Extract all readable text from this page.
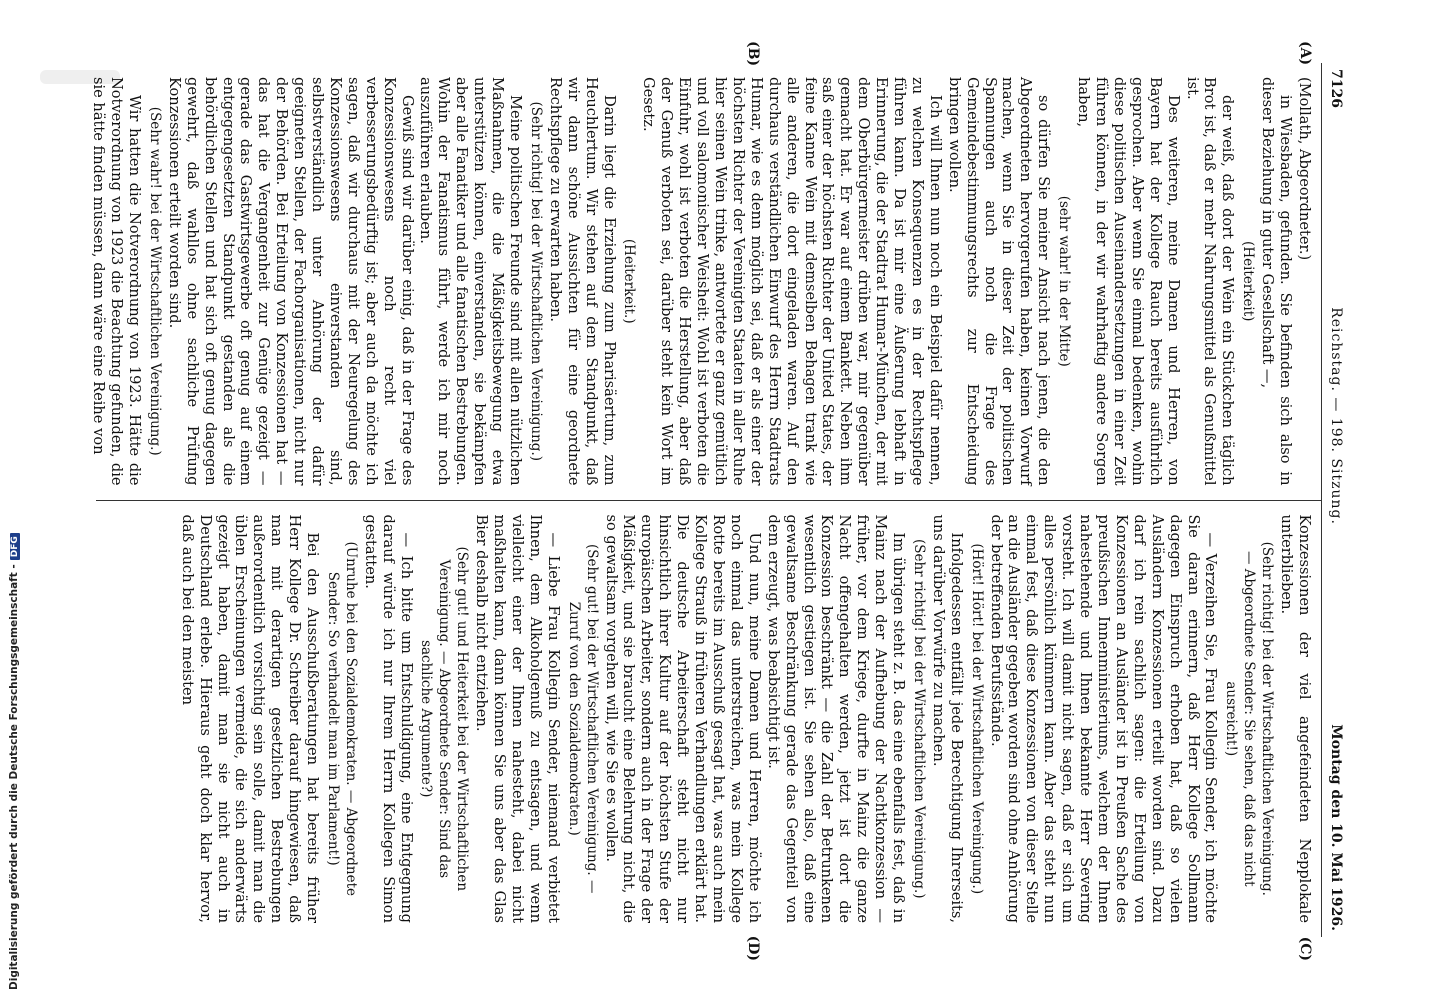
7126
Reichstag. — 198. Sitzung.
Montag den 10. Mai 1926.
(A)
(B)
(C)
(D)

(Mollath, Abgeordneter.)

in Wiesbaden, gefunden. Sie befinden sich also in dieser Beziehung in guter Gesellschaft —,

(Heiterkeit)

der weiß, daß dort der Wein ein Stückchen täglich Brot ist, daß er mehr Nahrungsmittel als Genußmittel ist.

Des weiteren, meine Damen und Herren, von Bayern hat der Kollege Rauch bereits ausführlich gesprochen. Aber wenn Sie einmal bedenken, wohin diese politischen Auseinandersetzungen in einer Zeit führen können, in der wir wahrhaftig andere Sorgen haben,

(sehr wahr! in der Mitte)

so dürfen Sie meiner Ansicht nach jenen, die den Abgeordneten hervorgerufen haben, keinen Vorwurf machen, wenn Sie in dieser Zeit der politischen Spannungen auch noch die Frage des Gemeindebestimmungsrechts zur Entscheidung bringen wollen.

Ich will Ihnen nun noch ein Beispiel dafür nennen, zu welchen Konsequenzen es in der Rechtspflege führen kann. Da ist mir eine Äußerung lebhaft in Erinnerung, die der Stadtrat Humar-München, der mit dem Oberbürgermeister drüben war, mir gegenüber gemacht hat. Er war auf einem Bankett. Neben ihm saß einer der höchsten Richter der United States, der feine Kanne Wein mit demselben Behagen trank wie alle anderen, die dort eingeladen waren. Auf den durchaus verständlichen Einwurf des Herrn Stadtrats Humar, wie es denn möglich sei, daß er als einer der höchsten Richter der Vereinigten Staaten in aller Ruhe hier seinen Wein trinke, antwortete er ganz gemütlich und voll salomonischer Weisheit: Wohl ist verboten die Einfuhr, wohl ist verboten die Herstellung, aber daß der Genuß verboten sei, darüber steht kein Wort im Gesetz.

(Heiterkeit.)

Darin liegt die Erziehung zum Pharisäertum, zum Heuchlertum. Wir stehen auf dem Standpunkt, daß wir dann schöne Aussichten für eine geordnete Rechtspflege zu erwarten haben.

(Sehr richtig! bei der Wirtschaftlichen Vereinigung.)

Meine politischen Freunde sind mit allen nützlichen Maßnahmen, die die Mäßigkeitsbewegung etwa unterstützen können, einverstanden, sie bekämpfen aber alle Fanatiker und alle fanatischen Bestrebungen. Wohin der Fanatismus führt, werde ich mir noch auszuführen erlauben.

Gewiß sind wir darüber einig, daß in der Frage des Konzessionswesens noch recht viel verbesserungsbedürftig ist; aber auch da möchte ich sagen, daß wir durchaus mit der Neuregelung des Konzessionswesens einverstanden sind, selbstverständlich unter Anhörung der dafür geeigneten Stellen, der Fachorganisationen, nicht nur der Behörden. Bei Erteilung von Konzessionen hat — das hat die Vergangenheit zur Genüge gezeigt — gerade das Gastwirtsgewerbe oft genug auf einem entgegengesetzten Standpunkt gestanden als die behördlichen Stellen und hat sich oft genug dagegen gewehrt, daß wahllos ohne sachliche Prüfung Konzessionen erteilt worden sind.

(Sehr wahr! bei der Wirtschaftlichen Vereinigung.)

Wir hatten die Notverordnung von 1923. Hätte die Notverordnung von 1923 die Beachtung gefunden, die sie hätte finden müssen, dann wäre eine Reihe von

Konzessionen der viel angefeindeten Nepplokale unterblieben.

(Sehr richtig! bei der Wirtschaftlichen Vereinigung. — Abgeordnete Sender: Sie sehen, daß das nicht ausreicht!)

— Verzeihen Sie, Frau Kollegin Sender, ich möchte Sie daran erinnern, daß Herr Kollege Sollmann dagegen Einspruch erhoben hat, daß so vielen Ausländern Konzessionen erteilt worden sind. Dazu darf ich rein sachlich sagen: die Erteilung von Konzessionen an Ausländer ist in Preußen Sache des preußischen Innenministeriums, welchem der Ihnen nahestehende und Ihnen bekannte Herr Severing vorsteht. Ich will damit nicht sagen, daß er sich um alles persönlich kümmern kann. Aber das steht nun einmal fest, daß diese Konzessionen von dieser Stelle an die Ausländer gegeben worden sind ohne Anhörung der betreffenden Berufsstände.

(Hört! Hört! bei der Wirtschaftlichen Vereinigung.)

Infolgedessen entfällt jede Berechtigung Ihrerseits, uns darüber Vorwürfe zu machen.

(Sehr richtig! bei der Wirtschaftlichen Vereinigung.)

Im übrigen steht z. B. das eine ebenfalls fest, daß in Mainz nach der Aufhebung der Nachtkonzession — früher, vor dem Kriege, durfte in Mainz die ganze Nacht offengehalten werden, jetzt ist dort die Konzession beschränkt — die Zahl der Betrunkenen wesentlich gestiegen ist. Sie sehen also, daß eine gewaltsame Beschränkung gerade das Gegenteil von dem erzeugt, was beabsichtigt ist.

Und nun, meine Damen und Herren, möchte ich noch einmal das unterstreichen, was mein Kollege Rotte bereits im Ausschuß gesagt hat, was auch mein Kollege Strauß in früheren Verhandlungen erklärt hat. Die deutsche Arbeiterschaft steht nicht nur hinsichtlich ihrer Kultur auf der höchsten Stufe der europäischen Arbeiter, sondern auch in der Frage der Mäßigkeit, und sie braucht eine Belehrung nicht, die so gewaltsam vorgehen will, wie Sie es wollen.

(Sehr gut! bei der Wirtschaftlichen Vereinigung. — Zuruf von den Sozialdemokraten.)

— Liebe Frau Kollegin Sender, niemand verbietet Ihnen, dem Alkoholgenuß zu entsagen, und wenn vielleicht einer der Ihnen nahesteht, dabei nicht maßhalten kann, dann können Sie uns aber das Glas Bier deshalb nicht entziehen.

(Sehr gut! und Heiterkeit bei der Wirtschaftlichen Vereinigung. — Abgeordnete Sender: Sind das sachliche Argumente?)

— Ich bitte um Entschuldigung, eine Entgegnung darauf würde ich nur Ihrem Herrn Kollegen Simon gestatten.

(Unruhe bei den Sozialdemokraten. — Abgeordnete Sender: So verhandelt man im Parlament!)

Bei den Ausschußberatungen hat bereits früher Herr Kollege Dr. Schreiber darauf hingewiesen, daß man mit derartigen gesetzlichen Bestrebungen außerordentlich vorsichtig sein solle, damit man die üblen Erscheinungen vermeide, die sich anderwärts gezeigt haben, damit man sie nicht auch in Deutschland erlebe. Hieraus geht doch klar hervor, daß auch bei den meisten

Digitalisierung gefördert durch die Deutsche Forschungsgemeinschaft -DFG
